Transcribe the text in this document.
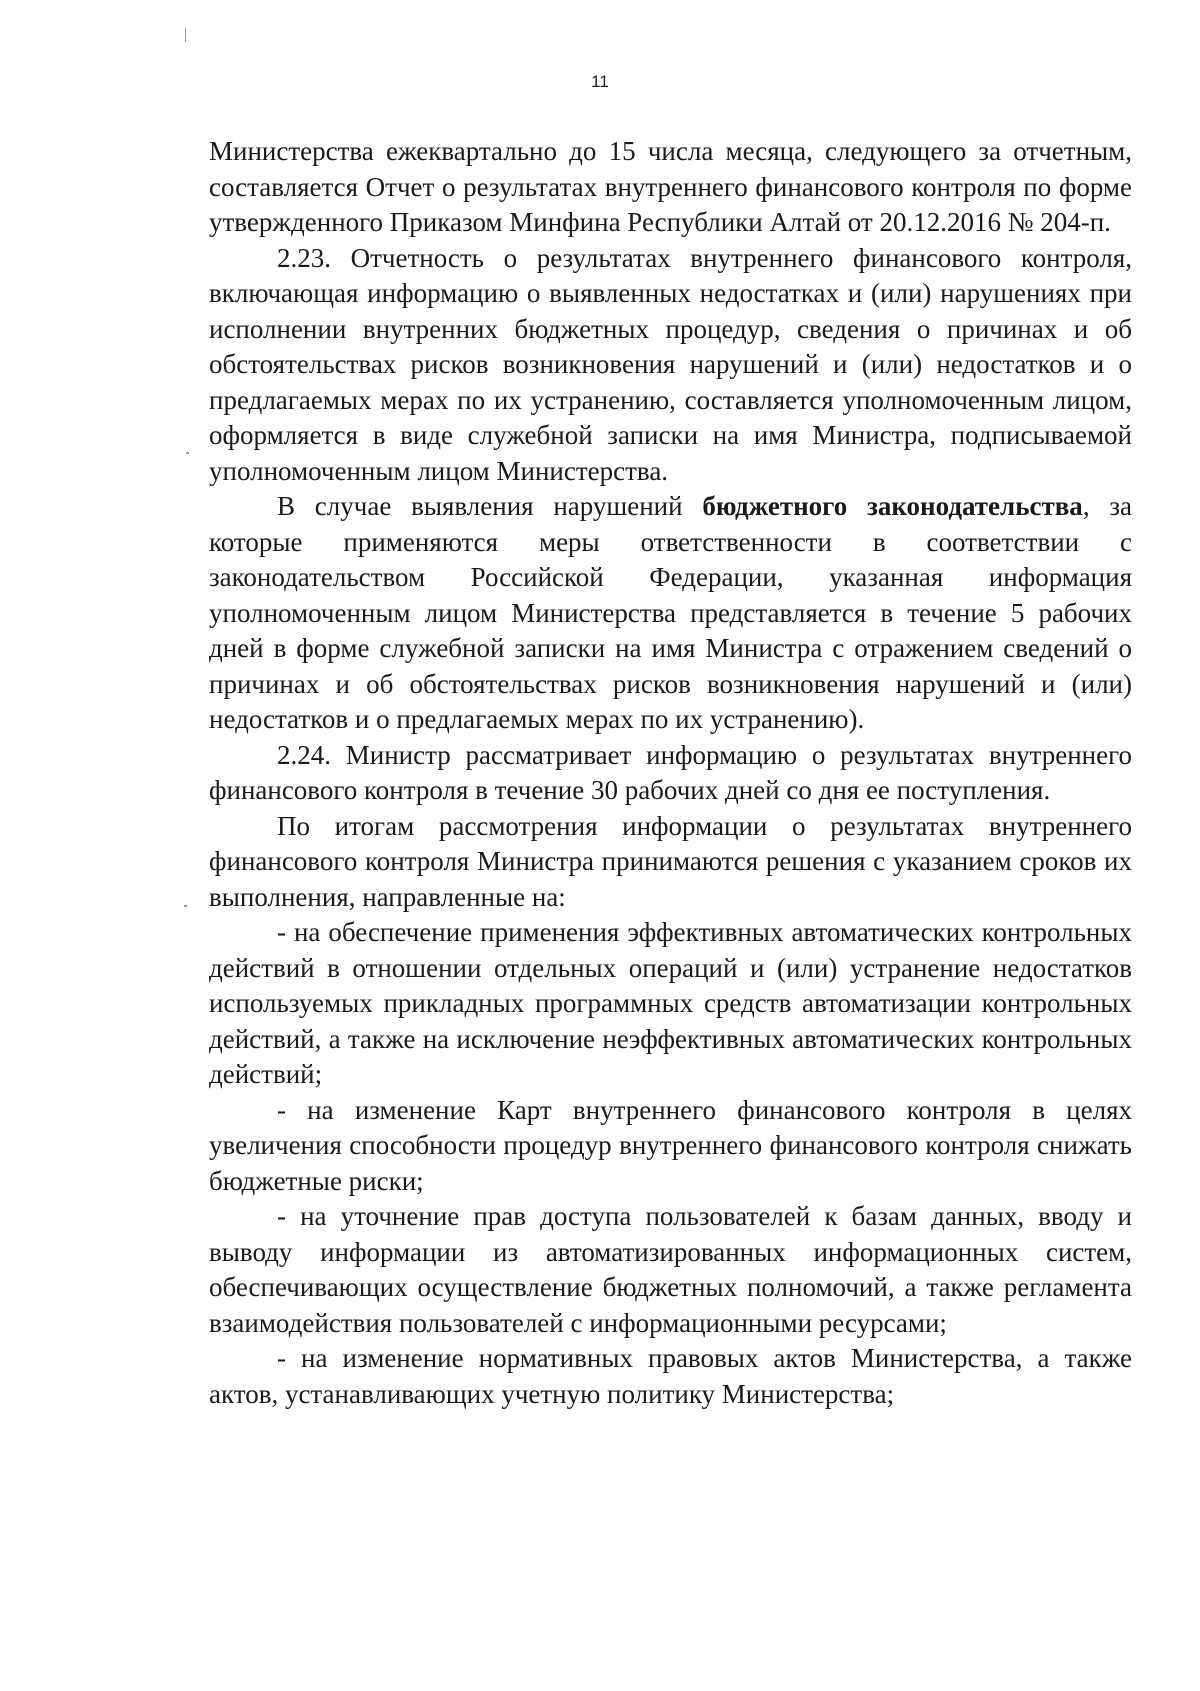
11

Министерства ежеквартально до 15 числа месяца, следующего за отчетным, составляется Отчет о результатах внутреннего финансового контроля по форме утвержденного Приказом Минфина Республики Алтай от 20.12.2016 № 204-п.

2.23. Отчетность о результатах внутреннего финансового контроля, включающая информацию о выявленных недостатках и (или) нарушениях при исполнении внутренних бюджетных процедур, сведения о причинах и об обстоятельствах рисков возникновения нарушений и (или) недостатков и о предлагаемых мерах по их устранению, составляется уполномоченным лицом, оформляется в виде служебной записки на имя Министра, подписываемой уполномоченным лицом Министерства.

В случае выявления нарушений бюджетного законодательства, за которые применяются меры ответственности в соответствии с законодательством Российской Федерации, указанная информация уполномоченным лицом Министерства представляется в течение 5 рабочих дней в форме служебной записки на имя Министра с отражением сведений о причинах и об обстоятельствах рисков возникновения нарушений и (или) недостатков и о предлагаемых мерах по их устранению).

2.24. Министр рассматривает информацию о результатах внутреннего финансового контроля в течение 30 рабочих дней со дня ее поступления.

По итогам рассмотрения информации о результатах внутреннего финансового контроля Министра принимаются решения с указанием сроков их выполнения, направленные на:

- на обеспечение применения эффективных автоматических контрольных действий в отношении отдельных операций и (или) устранение недостатков используемых прикладных программных средств автоматизации контрольных действий, а также на исключение неэффективных автоматических контрольных действий;

- на изменение Карт внутреннего финансового контроля в целях увеличения способности процедур внутреннего финансового контроля снижать бюджетные риски;

- на уточнение прав доступа пользователей к базам данных, вводу и выводу информации из автоматизированных информационных систем, обеспечивающих осуществление бюджетных полномочий, а также регламента взаимодействия пользователей с информационными ресурсами;

- на изменение нормативных правовых актов Министерства, а также актов, устанавливающих учетную политику Министерства;
